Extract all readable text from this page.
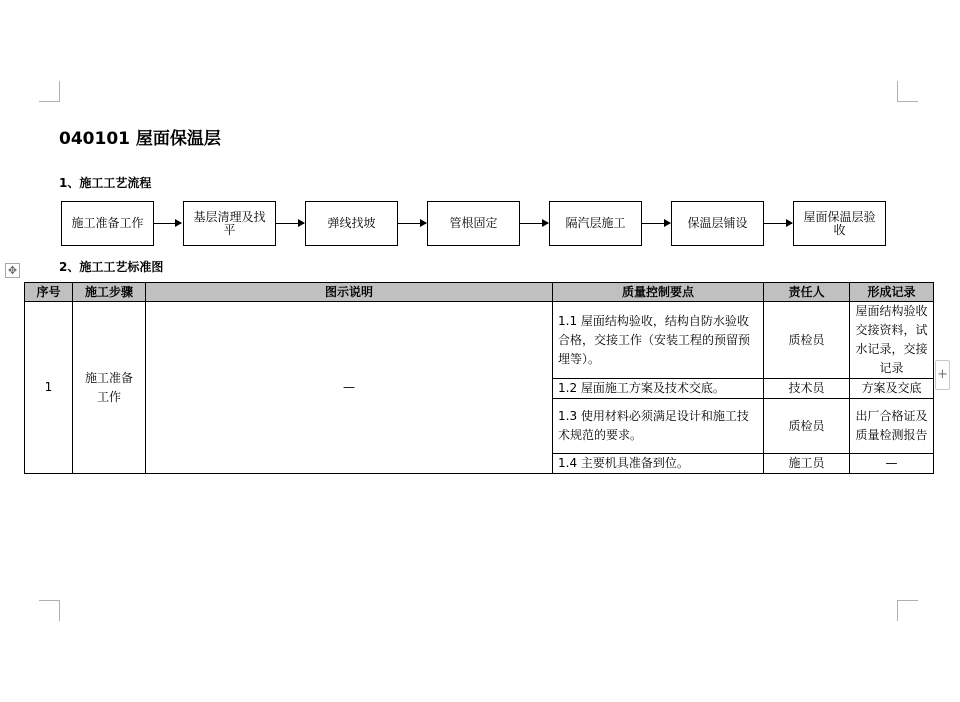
040101 屋面保温层
1、施工工艺流程
施工准备工作	基层清理及找平	弹线找坡	管根固定	隔汽层施工	保温层铺设	屋面保温层验收
✥	2、施工工艺标准图
序号	施工步骤	图示说明	质量控制要点	责任人	形成记录
1	施工准备工作	—	1.1 屋面结构验收，结构自防水验收合格，交接工作（安装工程的预留预埋等）。	质检员	屋面结构验收交接资料，试水记录，交接记录
			1.2 屋面施工方案及技术交底。	技术员	方案及交底
			1.3 使用材料必须满足设计和施工技术规范的要求。	质检员	出厂合格证及质量检测报告
			1.4 主要机具准备到位。	施工员	—
+
